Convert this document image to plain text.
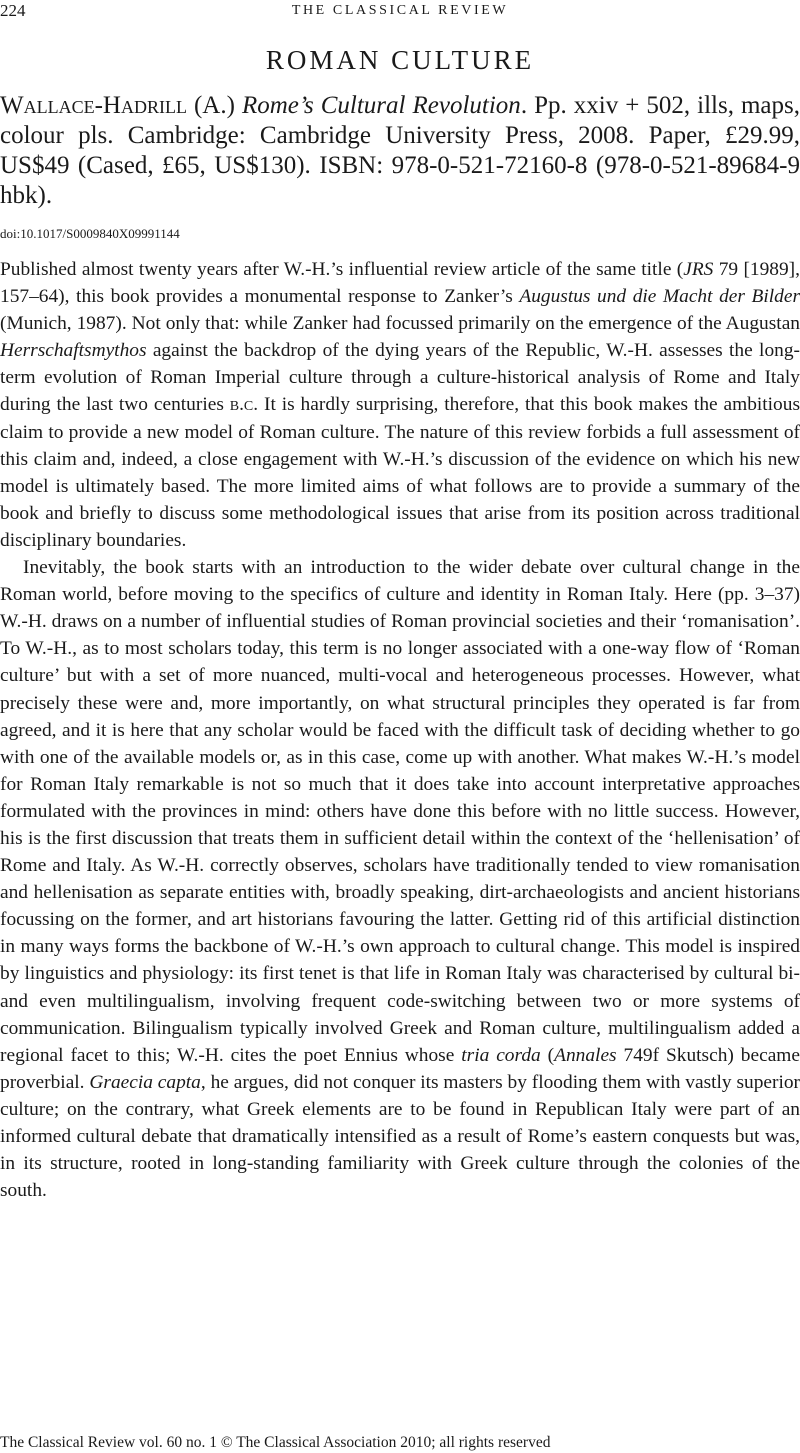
224	THE CLASSICAL REVIEW
ROMAN CULTURE
Wallace-Hadrill (A.) Rome’s Cultural Revolution. Pp. xxiv + 502, ills, maps, colour pls. Cambridge: Cambridge University Press, 2008. Paper, £29.99, US$49 (Cased, £65, US$130). ISBN: 978-0-521-72160-8 (978-0-521-89684-9 hbk).
doi:10.1017/S0009840X09991144

Published almost twenty years after W.-H.’s influential review article of the same title (JRS 79 [1989], 157–64), this book provides a monumental response to Zanker’s Augustus und die Macht der Bilder (Munich, 1987). Not only that: while Zanker had focussed primarily on the emergence of the Augustan Herrschaftsmythos against the backdrop of the dying years of the Republic, W.-H. assesses the long-term evolution of Roman Imperial culture through a culture-historical analysis of Rome and Italy during the last two centuries b.c. It is hardly surprising, therefore, that this book makes the ambitious claim to provide a new model of Roman culture. The nature of this review forbids a full assessment of this claim and, indeed, a close engagement with W.-H.’s discussion of the evidence on which his new model is ultimately based. The more limited aims of what follows are to provide a summary of the book and briefly to discuss some methodological issues that arise from its position across traditional disciplinary boundaries.

Inevitably, the book starts with an introduction to the wider debate over cultural change in the Roman world, before moving to the specifics of culture and identity in Roman Italy. Here (pp. 3–37) W.-H. draws on a number of influential studies of Roman provincial societies and their ‘romanisation’. To W.-H., as to most scholars today, this term is no longer associated with a one-way flow of ‘Roman culture’ but with a set of more nuanced, multi-vocal and heterogeneous processes. However, what precisely these were and, more importantly, on what structural principles they operated is far from agreed, and it is here that any scholar would be faced with the difficult task of deciding whether to go with one of the available models or, as in this case, come up with another. What makes W.-H.’s model for Roman Italy remarkable is not so much that it does take into account interpretative approaches formulated with the provinces in mind: others have done this before with no little success. However, his is the first discussion that treats them in sufficient detail within the context of the ‘hellenisation’ of Rome and Italy. As W.-H. correctly observes, scholars have traditionally tended to view romanisation and hellenisation as separate entities with, broadly speaking, dirt-archaeologists and ancient historians focussing on the former, and art historians favouring the latter. Getting rid of this artificial distinction in many ways forms the backbone of W.-H.’s own approach to cultural change. This model is inspired by linguistics and physiology: its first tenet is that life in Roman Italy was characterised by cultural bi- and even multilingualism, involving frequent code-switching between two or more systems of communication. Bilingualism typically involved Greek and Roman culture, multilingualism added a regional facet to this; W.-H. cites the poet Ennius whose tria corda (Annales 749f Skutsch) became proverbial. Graecia capta, he argues, did not conquer its masters by flooding them with vastly superior culture; on the contrary, what Greek elements are to be found in Republican Italy were part of an informed cultural debate that dramatically intensified as a result of Rome’s eastern conquests but was, in its structure, rooted in long-standing familiarity with Greek culture through the colonies of the south.

The Classical Review vol. 60 no. 1 © The Classical Association 2010; all rights reserved
